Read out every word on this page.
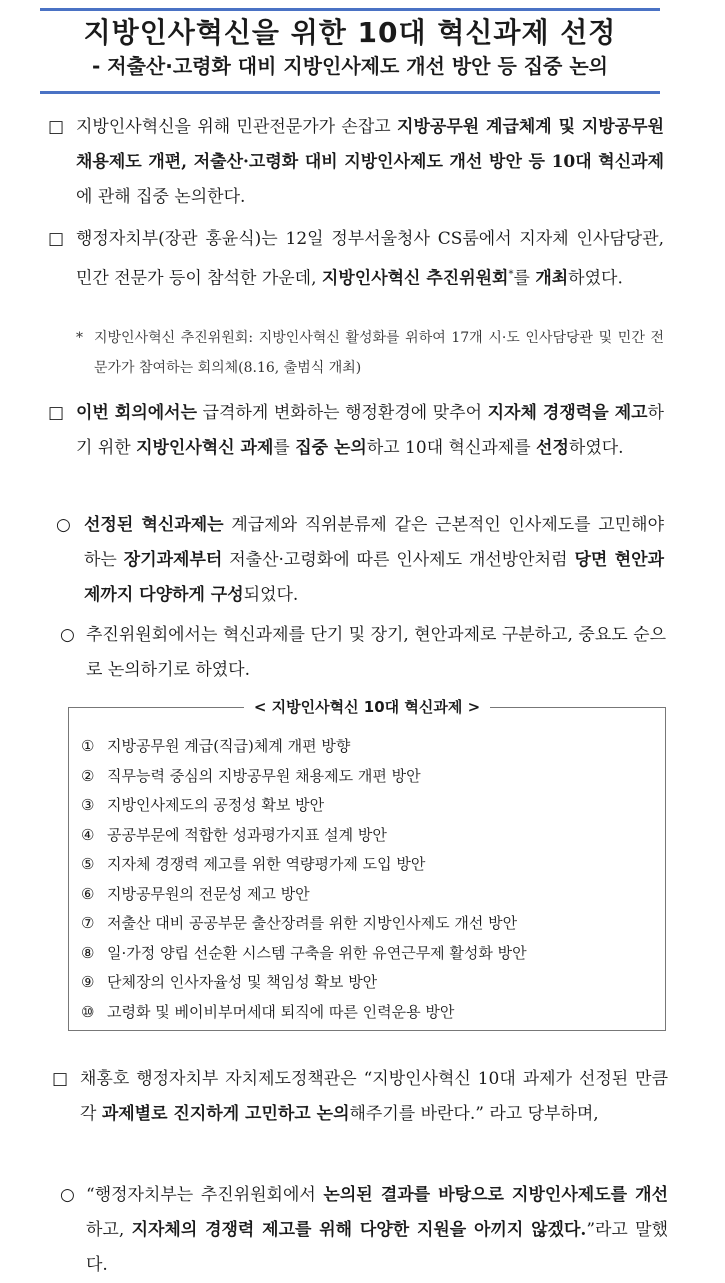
지방인사혁신을 위한 10대 혁신과제 선정
- 저출산·고령화 대비 지방인사제도 개선 방안 등 집중 논의
□ 지방인사혁신을 위해 민관전문가가 손잡고 지방공무원 계급체계 및 지방공무원 채용제도 개편, 저출산·고령화 대비 지방인사제도 개선 방안 등 10대 혁신과제에 관해 집중 논의한다.
□ 행정자치부(장관 홍윤식)는 12일 정부서울청사 CS룸에서 지자체 인사담당관, 민간 전문가 등이 참석한 가운데, 지방인사혁신 추진위원회*를 개최하였다.
* 지방인사혁신 추진위원회: 지방인사혁신 활성화를 위하여 17개 시·도 인사담당관 및 민간 전문가가 참여하는 회의체(8.16, 출범식 개최)
□ 이번 회의에서는 급격하게 변화하는 행정환경에 맞추어 지자체 경쟁력을 제고하기 위한 지방인사혁신 과제를 집중 논의하고 10대 혁신과제를 선정하였다.
○ 선정된 혁신과제는 계급제와 직위분류제 같은 근본적인 인사제도를 고민해야 하는 장기과제부터 저출산·고령화에 따른 인사제도 개선방안처럼 당면 현안과제까지 다양하게 구성되었다.
○ 추진위원회에서는 혁신과제를 단기 및 장기, 현안과제로 구분하고, 중요도 순으로 논의하기로 하였다.
< 지방인사혁신 10대 혁신과제 >
① 지방공무원 계급(직급)체계 개편 방향
② 직무능력 중심의 지방공무원 채용제도 개편 방안
③ 지방인사제도의 공정성 확보 방안
④ 공공부문에 적합한 성과평가지표 설계 방안
⑤ 지자체 경쟁력 제고를 위한 역량평가제 도입 방안
⑥ 지방공무원의 전문성 제고 방안
⑦ 저출산 대비 공공부문 출산장려를 위한 지방인사제도 개선 방안
⑧ 일·가정 양립 선순환 시스템 구축을 위한 유연근무제 활성화 방안
⑨ 단체장의 인사자율성 및 책임성 확보 방안
⑩ 고령화 및 베이비부머세대 퇴직에 따른 인력운용 방안
□ 채홍호 행정자치부 자치제도정책관은 “지방인사혁신 10대 과제가 선정된 만큼 각 과제별로 진지하게 고민하고 논의해주기를 바란다.” 라고 당부하며,
○ “행정자치부는 추진위원회에서 논의된 결과를 바탕으로 지방인사제도를 개선하고, 지자체의 경쟁력 제고를 위해 다양한 지원을 아끼지 않겠다.”라고 말했다.
